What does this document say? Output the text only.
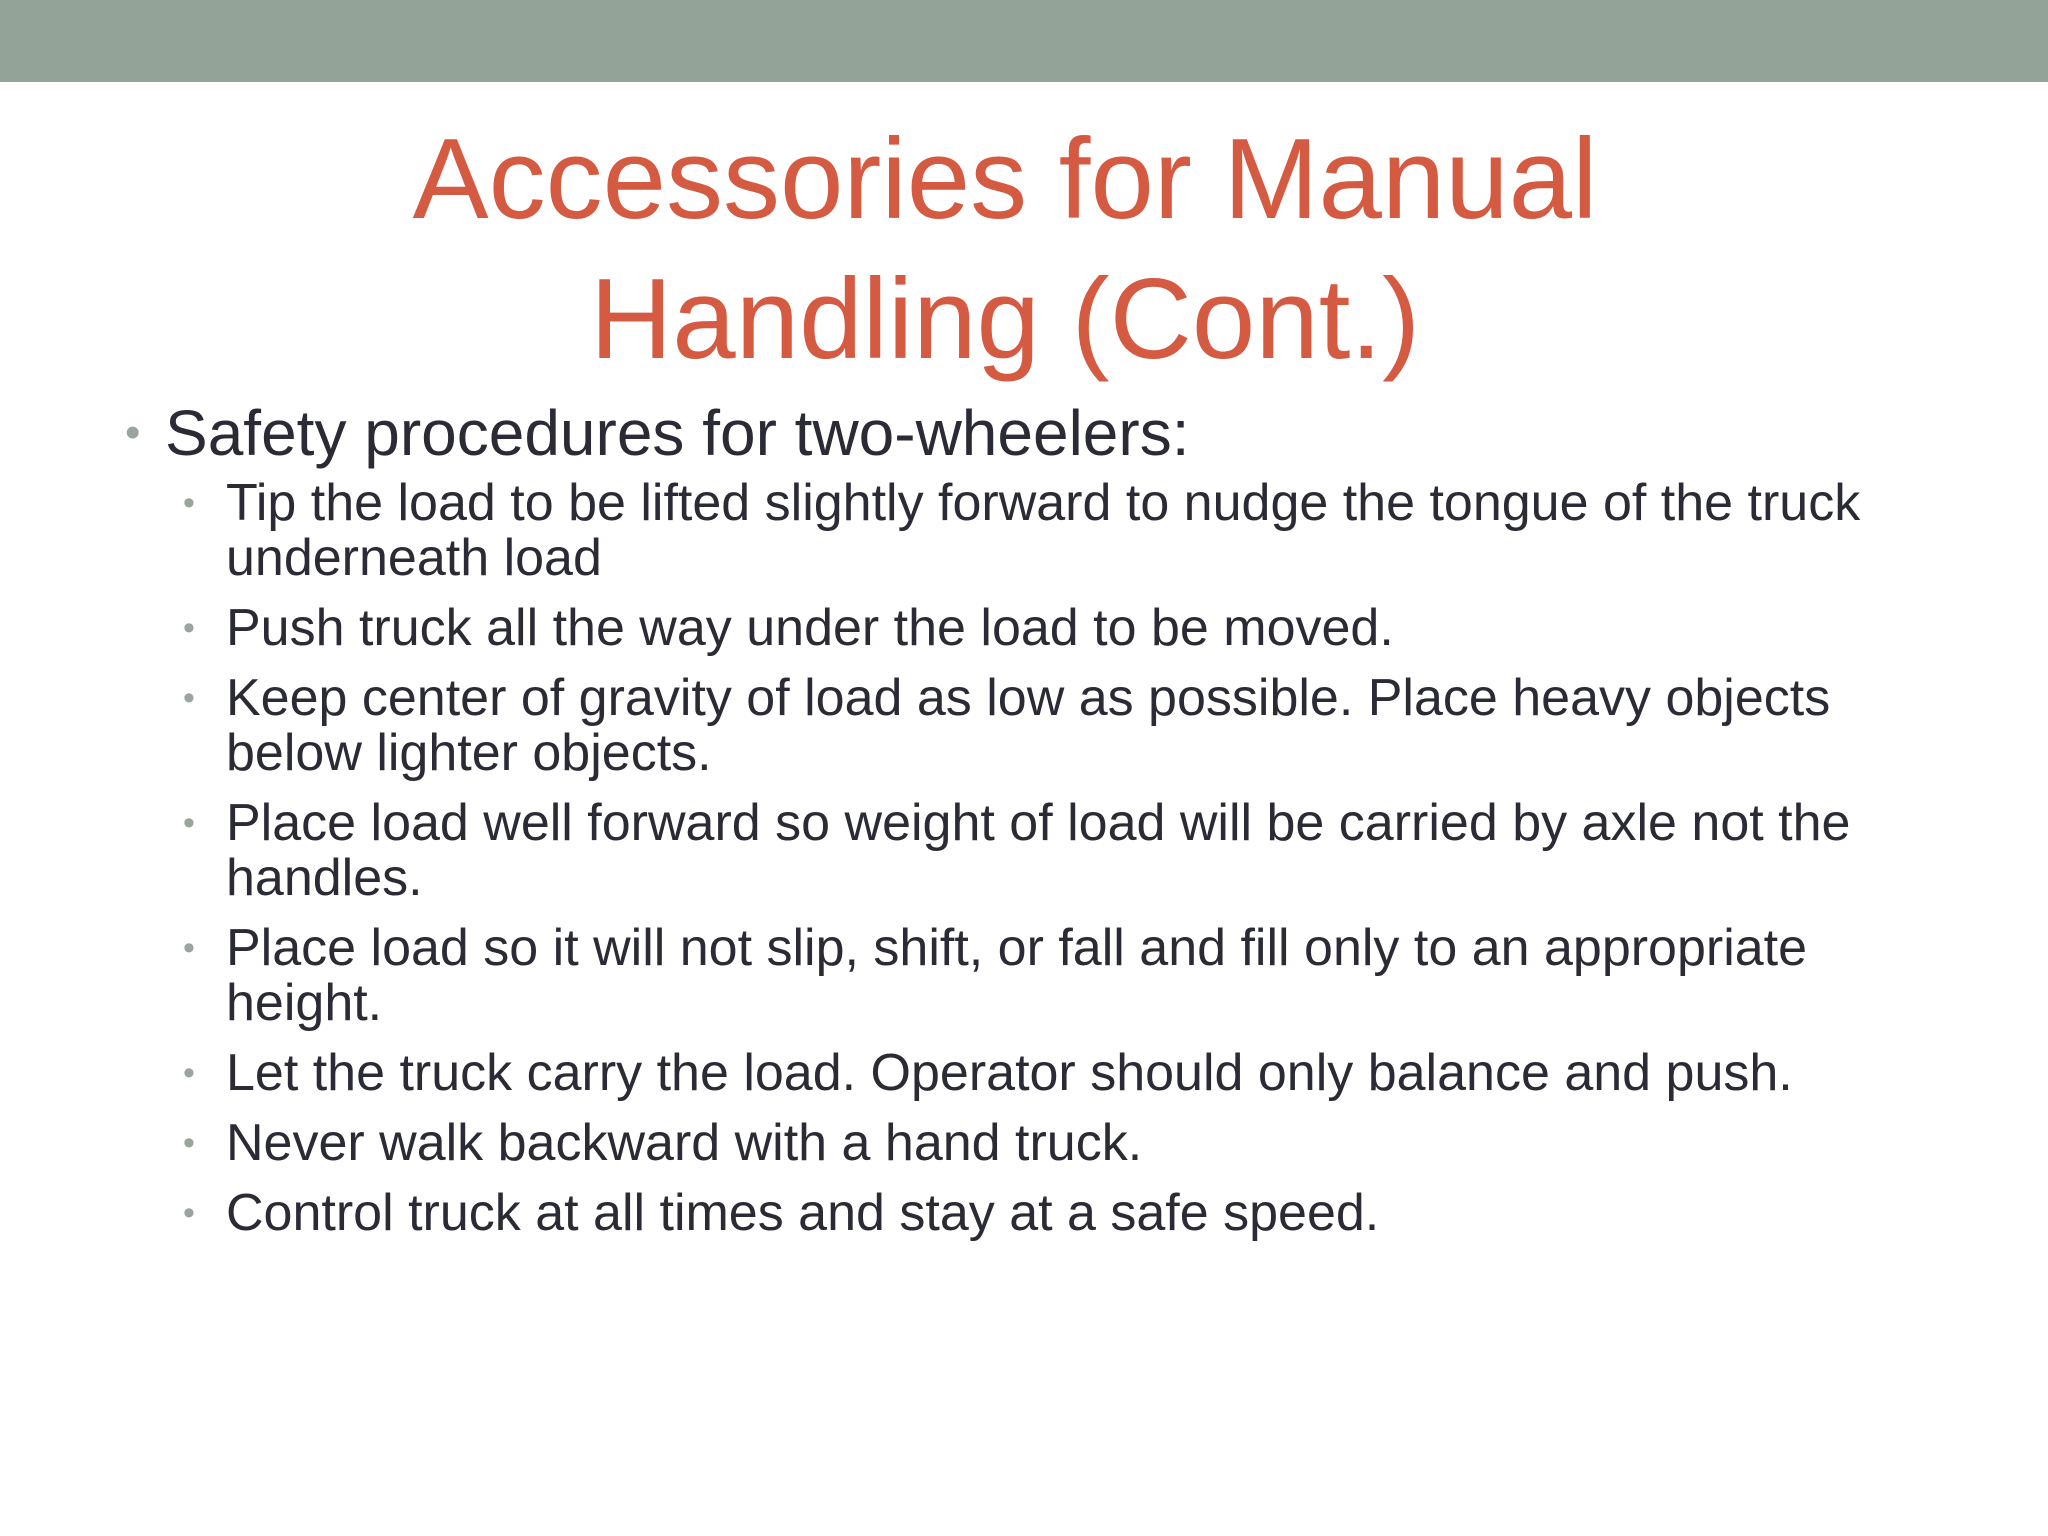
Accessories for Manual
Handling (Cont.)
• Safety procedures for two-wheelers:
• Tip the load to be lifted slightly forward to nudge the tongue of the truck underneath load
• Push truck all the way under the load to be moved.
• Keep center of gravity of load as low as possible. Place heavy objects below lighter objects.
• Place load well forward so weight of load will be carried by axle not the handles.
• Place load so it will not slip, shift, or fall and fill only to an appropriate height.
• Let the truck carry the load. Operator should only balance and push.
• Never walk backward with a hand truck.
• Control truck at all times and stay at a safe speed.
